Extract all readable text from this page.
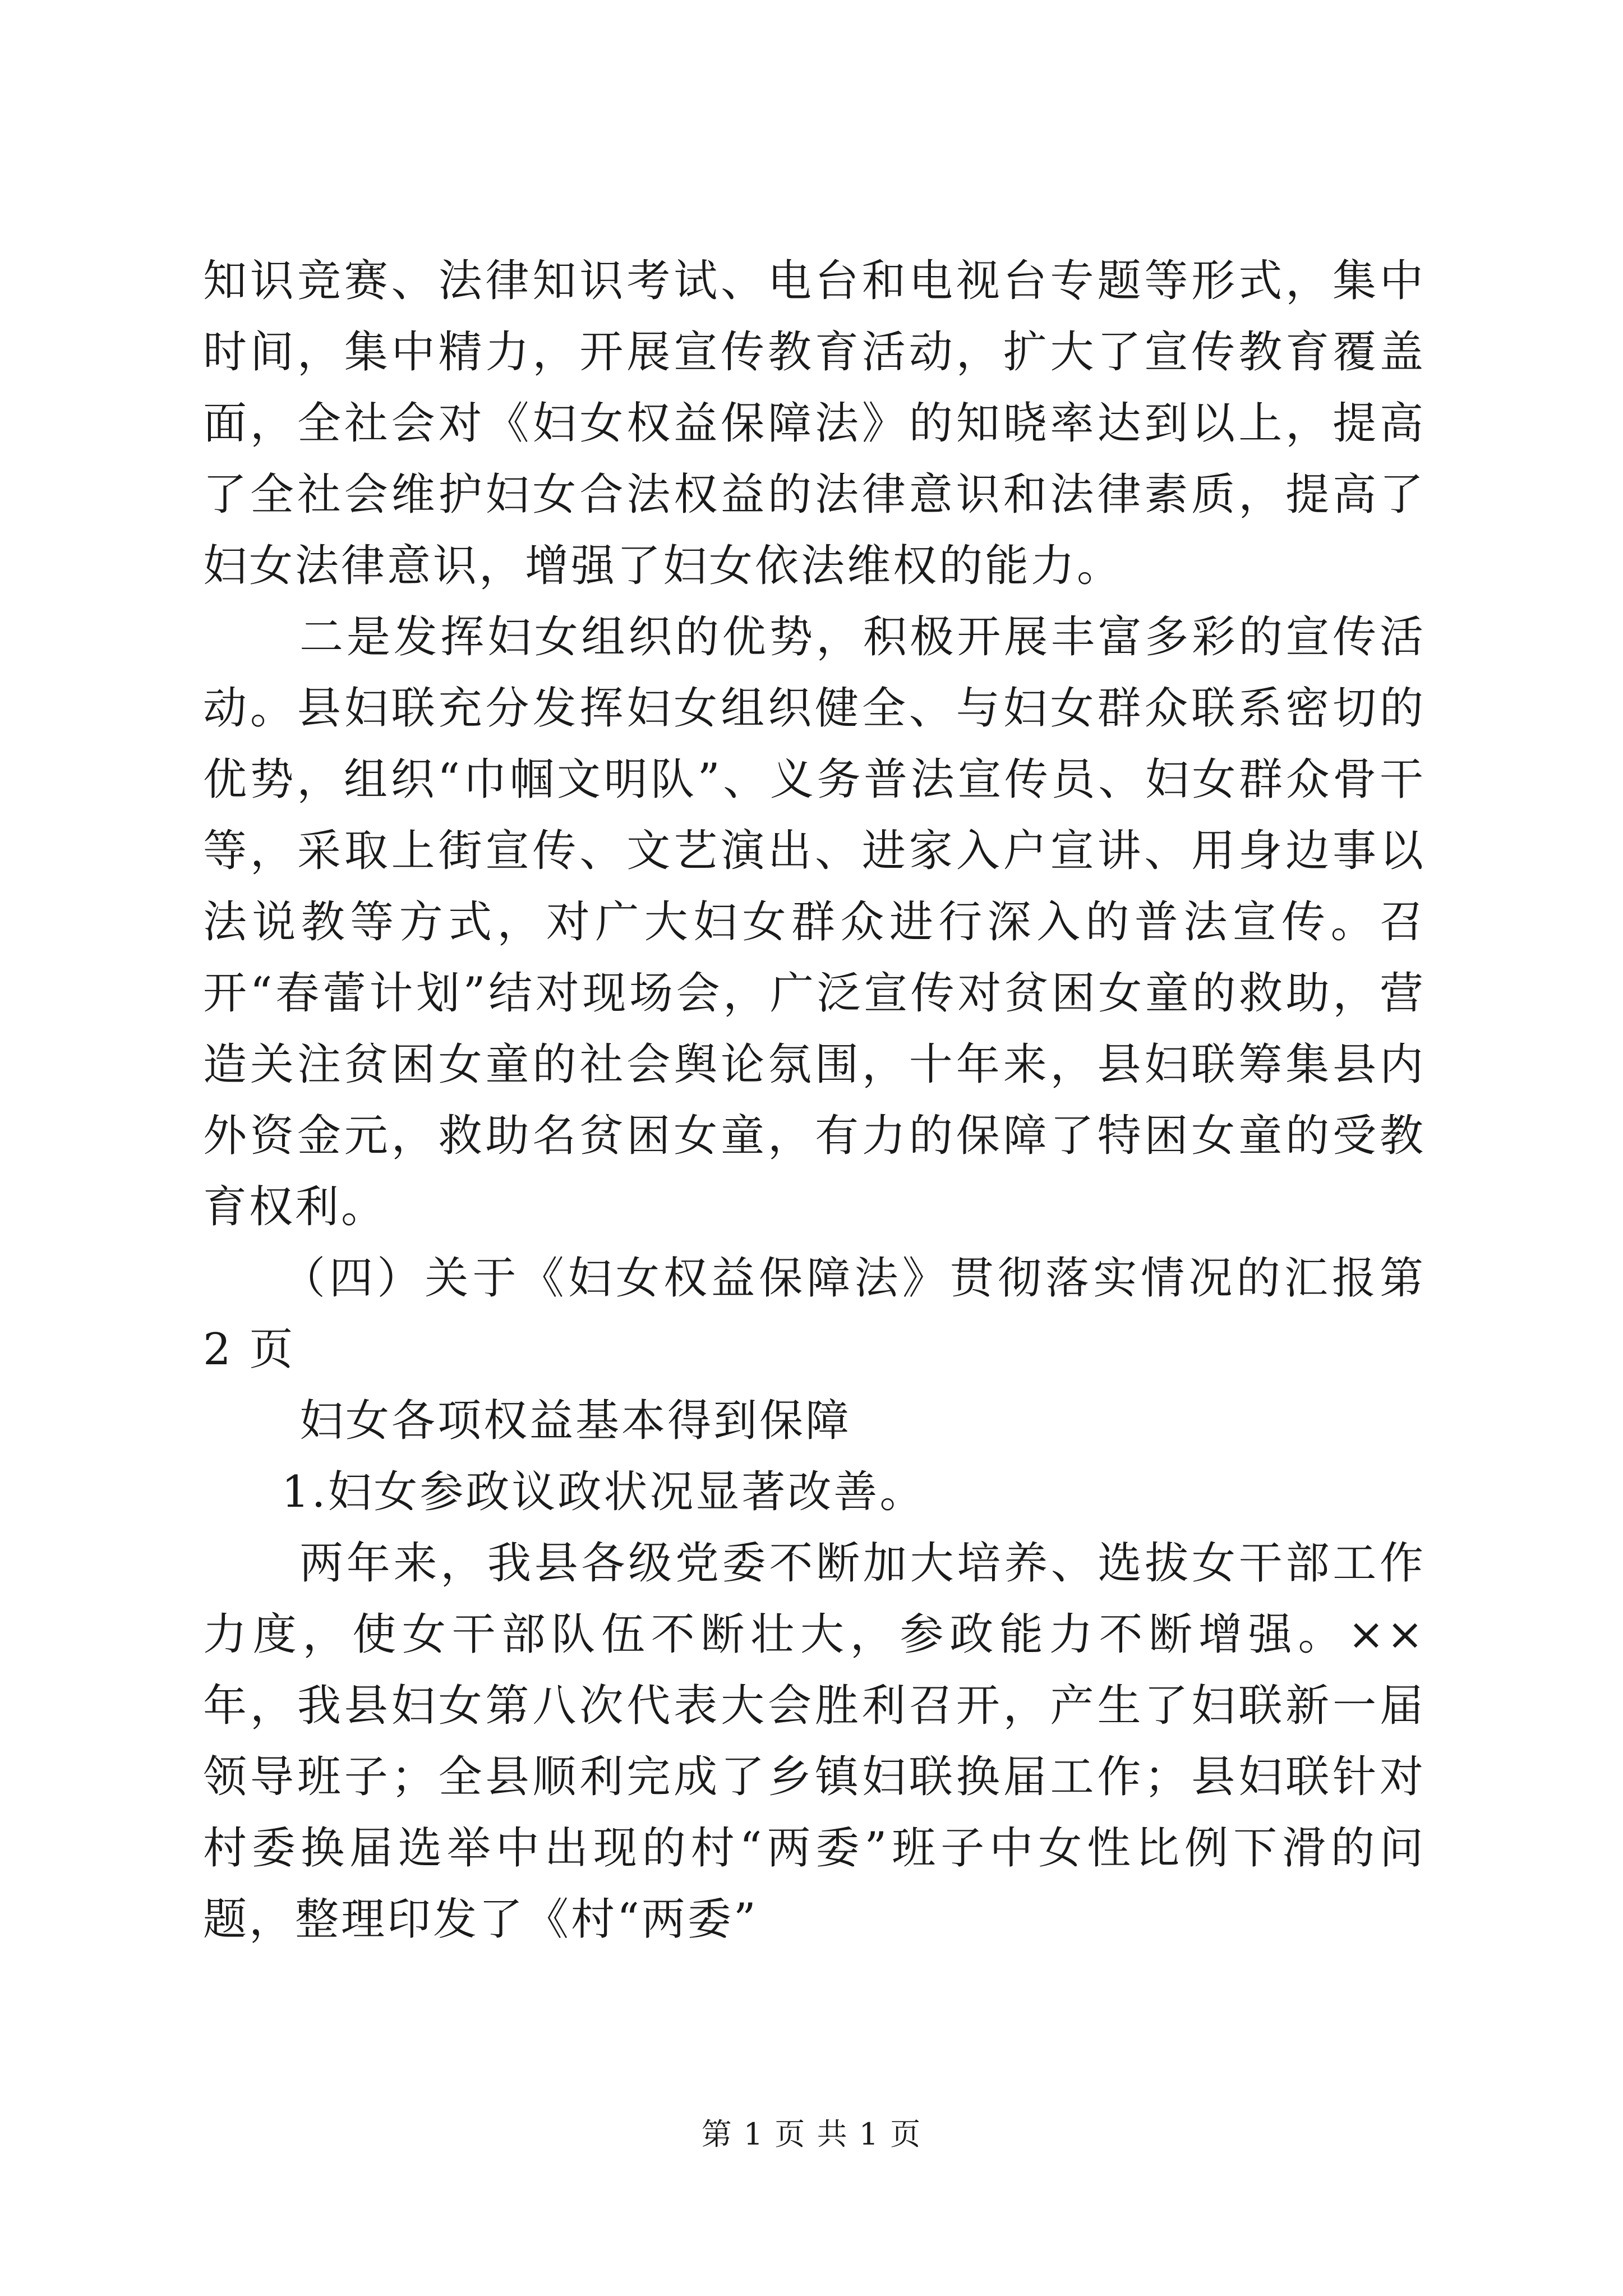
知识竞赛、法律知识考试、电台和电视台专题等形式，集中时间，集中精力，开展宣传教育活动，扩大了宣传教育覆盖面，全社会对《妇女权益保障法》的知晓率达到以上，提高了全社会维护妇女合法权益的法律意识和法律素质，提高了妇女法律意识，增强了妇女依法维权的能力。

二是发挥妇女组织的优势，积极开展丰富多彩的宣传活动。县妇联充分发挥妇女组织健全、与妇女群众联系密切的优势，组织“巾帼文明队”、义务普法宣传员、妇女群众骨干等，采取上街宣传、文艺演出、进家入户宣讲、用身边事以法说教等方式，对广大妇女群众进行深入的普法宣传。召开“春蕾计划”结对现场会，广泛宣传对贫困女童的救助，营造关注贫困女童的社会舆论氛围，十年来，县妇联筹集县内外资金元，救助名贫困女童，有力的保障了特困女童的受教育权利。

（四）关于《妇女权益保障法》贯彻落实情况的汇报第 2 页

妇女各项权益基本得到保障

1.妇女参政议政状况显著改善。

两年来，我县各级党委不断加大培养、选拔女干部工作力度，使女干部队伍不断壮大，参政能力不断增强。××年，我县妇女第八次代表大会胜利召开，产生了妇联新一届领导班子；全县顺利完成了乡镇妇联换届工作；县妇联针对村委换届选举中出现的村“两委”班子中女性比例下滑的问题，整理印发了《村“两委”

第 1 页 共 1 页
